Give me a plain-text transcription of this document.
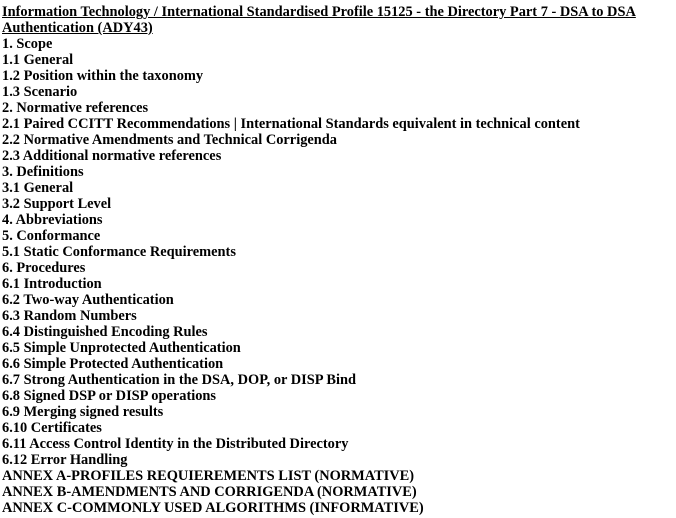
Information Technology / International Standardised Profile 15125 - the Directory Part 7 - DSA to DSA Authentication (ADY43)
1. Scope
1.1 General
1.2 Position within the taxonomy
1.3 Scenario
2. Normative references
2.1 Paired CCITT Recommendations | International Standards equivalent in technical content
2.2 Normative Amendments and Technical Corrigenda
2.3 Additional normative references
3. Definitions
3.1 General
3.2 Support Level
4. Abbreviations
5. Conformance
5.1 Static Conformance Requirements
6. Procedures
6.1 Introduction
6.2 Two-way Authentication
6.3 Random Numbers
6.4 Distinguished Encoding Rules
6.5 Simple Unprotected Authentication
6.6 Simple Protected Authentication
6.7 Strong Authentication in the DSA, DOP, or DISP Bind
6.8 Signed DSP or DISP operations
6.9 Merging signed results
6.10 Certificates
6.11 Access Control Identity in the Distributed Directory
6.12 Error Handling
ANNEX A-PROFILES REQUIEREMENTS LIST (NORMATIVE)
ANNEX B-AMENDMENTS AND CORRIGENDA (NORMATIVE)
ANNEX C-COMMONLY USED ALGORITHMS (INFORMATIVE)
